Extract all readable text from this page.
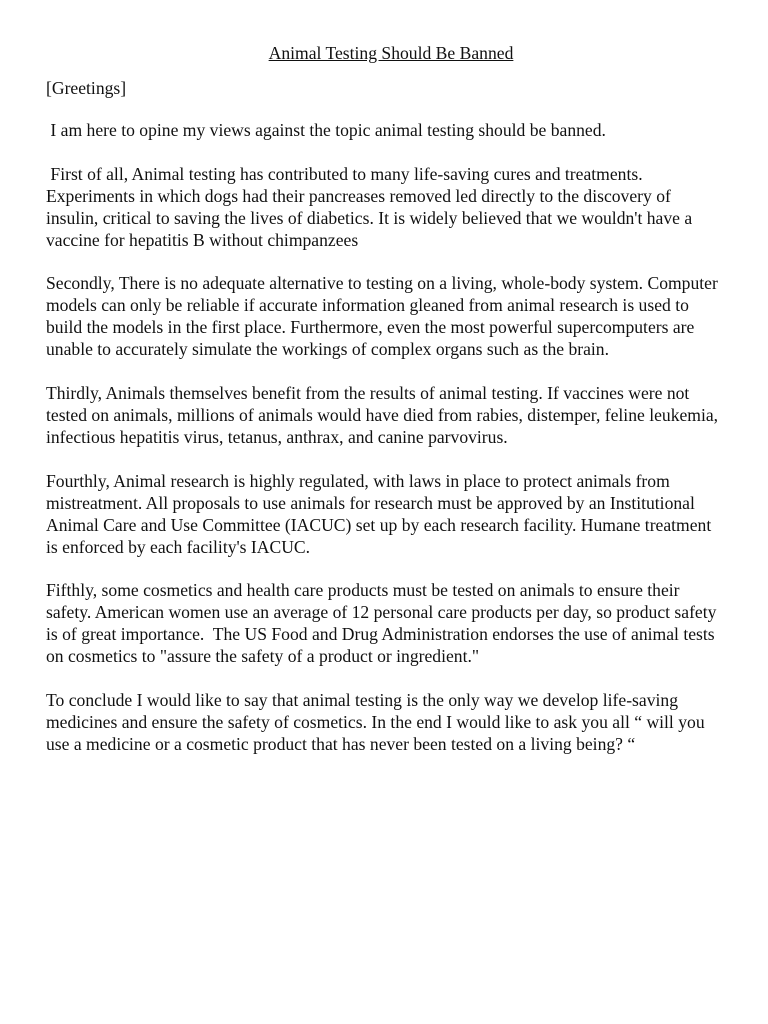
Animal Testing Should Be Banned

[Greetings]

I am here to opine my views against the topic animal testing should be banned.

First of all, Animal testing has contributed to many life-saving cures and treatments. Experiments in which dogs had their pancreases removed led directly to the discovery of insulin, critical to saving the lives of diabetics. It is widely believed that we wouldn't have a vaccine for hepatitis B without chimpanzees

Secondly, There is no adequate alternative to testing on a living, whole-body system. Computer models can only be reliable if accurate information gleaned from animal research is used to build the models in the first place. Furthermore, even the most powerful supercomputers are unable to accurately simulate the workings of complex organs such as the brain.

Thirdly, Animals themselves benefit from the results of animal testing. If vaccines were not tested on animals, millions of animals would have died from rabies, distemper, feline leukemia, infectious hepatitis virus, tetanus, anthrax, and canine parvovirus.

Fourthly, Animal research is highly regulated, with laws in place to protect animals from mistreatment. All proposals to use animals for research must be approved by an Institutional Animal Care and Use Committee (IACUC) set up by each research facility. Humane treatment is enforced by each facility's IACUC.

Fifthly, some cosmetics and health care products must be tested on animals to ensure their safety. American women use an average of 12 personal care products per day, so product safety is of great importance.  The US Food and Drug Administration endorses the use of animal tests on cosmetics to "assure the safety of a product or ingredient."

To conclude I would like to say that animal testing is the only way we develop life-saving medicines and ensure the safety of cosmetics. In the end I would like to ask you all “ will you use a medicine or a cosmetic product that has never been tested on a living being? “
